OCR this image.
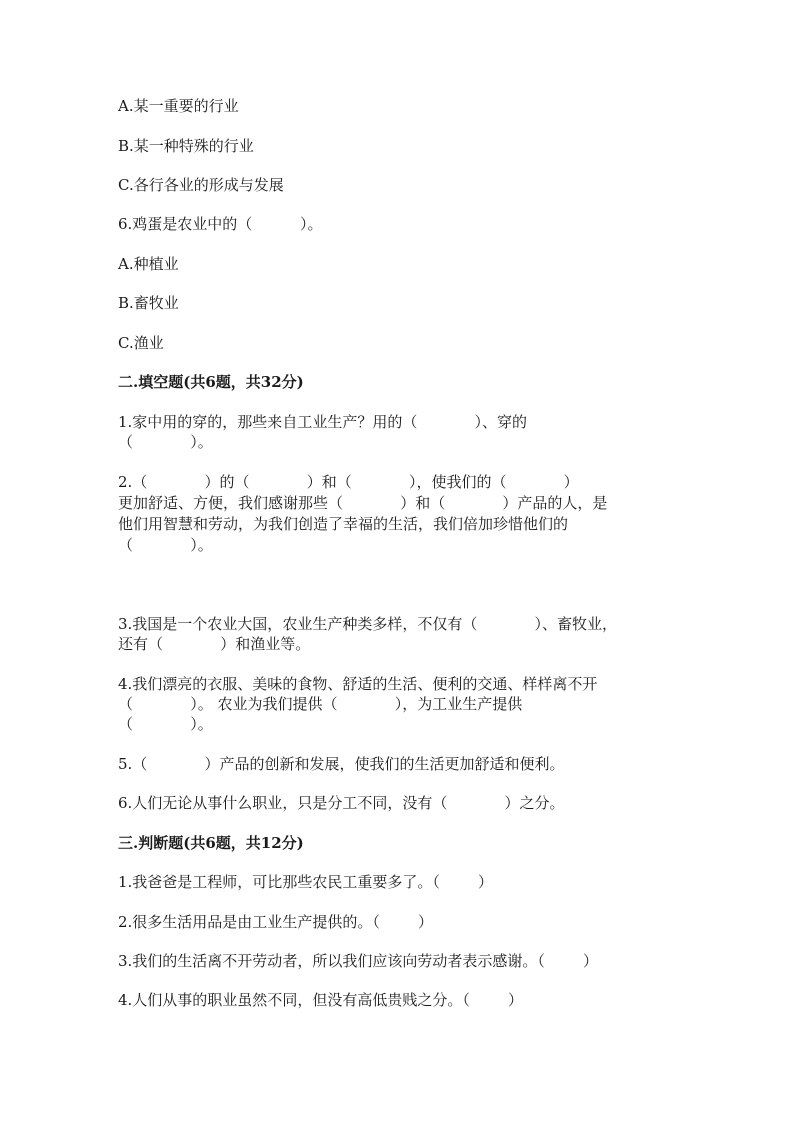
A.某一重要的行业
B.某一种特殊的行业
C.各行各业的形成与发展
6.鸡蛋是农业中的（          ）。
A.种植业
B.畜牧业
C.渔业
二.填空题(共6题，共32分)
1.家中用的穿的，那些来自工业生产？用的（            ）、穿的
（            ）。
2.（            ）的（            ）和（            ），使我们的（            ）
更加舒适、方便，我们感谢那些（            ）和（            ）产品的人，是
他们用智慧和劳动，为我们创造了幸福的生活，我们倍加珍惜他们的
（            ）。
3.我国是一个农业大国，农业生产种类多样，不仅有（            ）、畜牧业，
还有（            ）和渔业等。
4.我们漂亮的衣服、美味的食物、舒适的生活、便利的交通、样样离不开
（            ）。 农业为我们提供（            ），为工业生产提供
（            ）。
5.（            ）产品的创新和发展，使我们的生活更加舒适和便利。
6.人们无论从事什么职业，只是分工不同，没有（            ）之分。
三.判断题(共6题，共12分)
1.我爸爸是工程师，可比那些农民工重要多了。（        ）
2.很多生活用品是由工业生产提供的。（        ）
3.我们的生活离不开劳动者，所以我们应该向劳动者表示感谢。（        ）
4.人们从事的职业虽然不同，但没有高低贵贱之分。（        ）
